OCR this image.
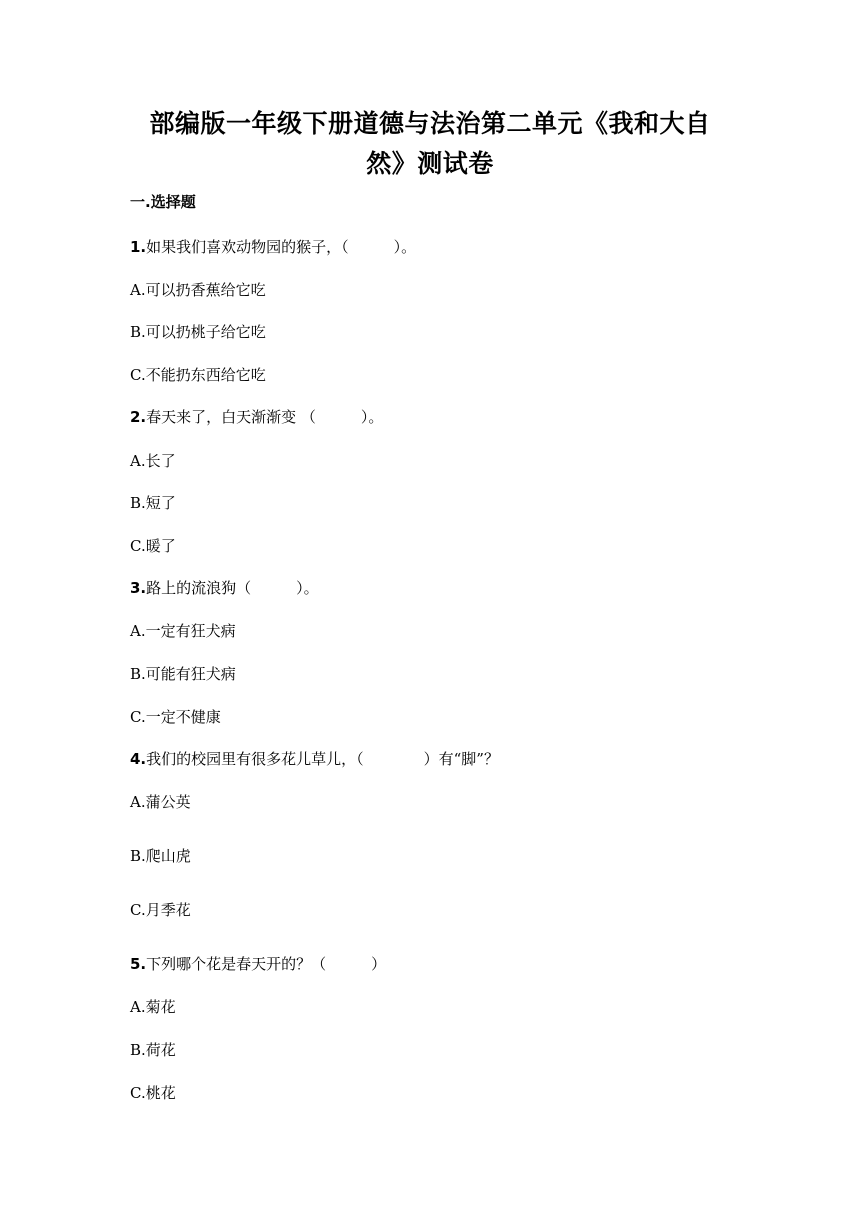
部编版一年级下册道德与法治第二单元《我和大自
然》测试卷
一.选择题
1.如果我们喜欢动物园的猴子，（　　　）。
A.可以扔香蕉给它吃
B.可以扔桃子给它吃
C.不能扔东西给它吃
2.春天来了，白天渐渐变 （　　　）。
A.长了
B.短了
C.暖了
3.路上的流浪狗（　　　）。
A.一定有狂犬病
B.可能有狂犬病
C.一定不健康
4.我们的校园里有很多花儿草儿，（　　　　）有“脚”？
A.蒲公英
B.爬山虎
C.月季花
5.下列哪个花是春天开的？（　　　）
A.菊花
B.荷花
C.桃花
